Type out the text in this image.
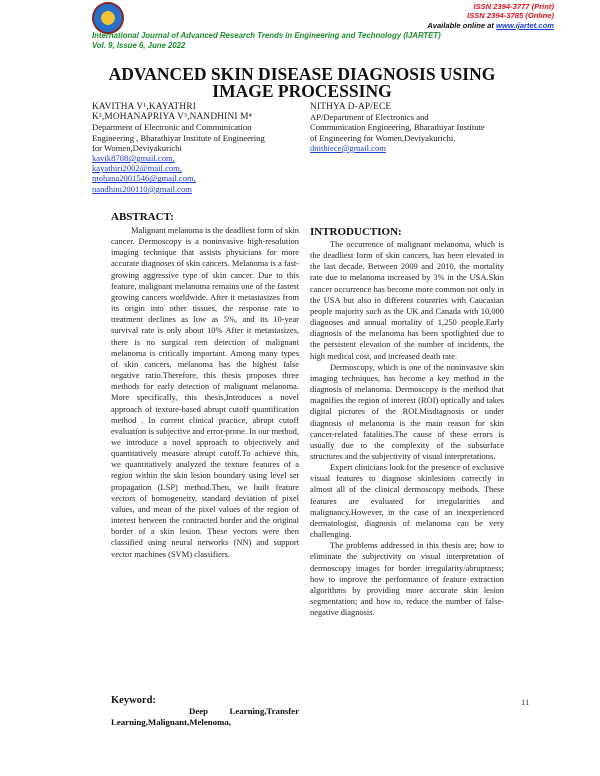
ISSN 2394-3777 (Print)
ISSN 2394-3785 (Online)
Available online at www.ijartet.com
International Journal of Advanced Research Trends in Engineering and Technology (IJARTET)
Vol. 9, Issue 6, June 2022
ADVANCED SKIN DISEASE DIAGNOSIS USING IMAGE PROCESSING
KAVITHA V¹,KAYATHRI
K²,MOHANAPRIYA V³,NANDHINI M⁴
Department of Electronic and Communication
Engineering , Bharathiyar Institute of Engineering
for Women,Deviyakurichi
kavik8708@gmail.com,
kayathiri2002@mail.com,
mohana2001546@gmail.com,
nandhini200110@gmail.com
NITHYA D-AP/ECE
AP/Department of Electronics and
Communication Engineering, Bharathiyar Institute
of Engineering for Women,Deviyakurichi.
dnithiece@gmail.com
ABSTRACT:
Malignant melanoma is the deadliest form of skin cancer. Dermoscopy is a noninvasive high-resolution imaging technique that assists physicians for more accurate diagnoses of skin cancers. Melanoma is a fast-growing aggressive type of skin cancer. Due to this feature, malignant melanoma remains one of the fastest growing cancers worldwide. After it metastasizes from its origin into other tissues, the response rate to treatment declines as low as 5%, and its 10-year survival rate is only about 10% After it metastasizes, there is no surgical rem detection of malignant melanoma is critically important. Among many types of skin cancers, melanoma has the highest false negative ratio.Therefore, this thesis proposes three methods for early detection of malignant melanoma. More specifically, this thesis,Introduces a novel approach of texture-based abrupt cutoff quantification method . In current clinical practice, abrupt cutoff evaluation is subjective and error-prone. In our method, we introduce a novel approach to objectively and quantitatively measure abrupt cutoff.To achieve this, we quantitatively analyzed the texture features of a region within the skin lesion boundary using level set propagation (LSP) method.Then, we built feature vectors of homogeneity, standard deviation of pixel values, and mean of the pixel values of the region of interest between the contracted border and the original border of a skin lesion. These vectors were then classified using neural networks (NN) and support vector machines (SVM) classifiers.
Keyword:
Deep Learning,Transfer Learning,Malignant,Melenoma,
INTRODUCTION:

The occurrence of malignant melanoma, which is the deadliest form of skin cancers, has been elevated in the last decade. Between 2009 and 2010, the mortality rate due to melanoma increased by 3% in the USA.Skin cancer occurrence has become more common not only in the USA but also in different countries with Caucasian people majority such as the UK and Canada with 10,000 diagnoses and annual mortality of 1,250 people.Early diagnosis of the melanoma has been spotlighted due to the persistent elevation of the number of incidents, the high medical cost, and increased death rate.

Dermoscopy, which is one of the noninvasive skin imaging techniques, has become a key method in the diagnosis of melanoma. Dermoscopy is the method that magnifies the region of interest (ROI) optically and takes digital pictures of the ROI.Misdiagnosis or under diagnosis of melanoma is the main reason for skin cancer-related fatalities.The cause of these errors is usually due to the complexity of the subsurface structures and the subjectivity of visual interpretations.

Expert clinicians look for the presence of exclusive visual features to diagnose skinlesions correctly in almost all of the clinical dermoscopy methods. These features are evaluated for irregularities and malignancy.However, in the case of an inexperienced dermatologist, diagnosis of melanoma can be very challenging.

The problems addressed in this thesis are; how to eliminate the subjectivity on visual interpretation of dermoscopy images for border irregularity/abruptness; how to improve the performance of feature extraction algorithms by providing more accurate skin lesion segmentation; and how to, reduce the number of false-negative diagnosis.

11
